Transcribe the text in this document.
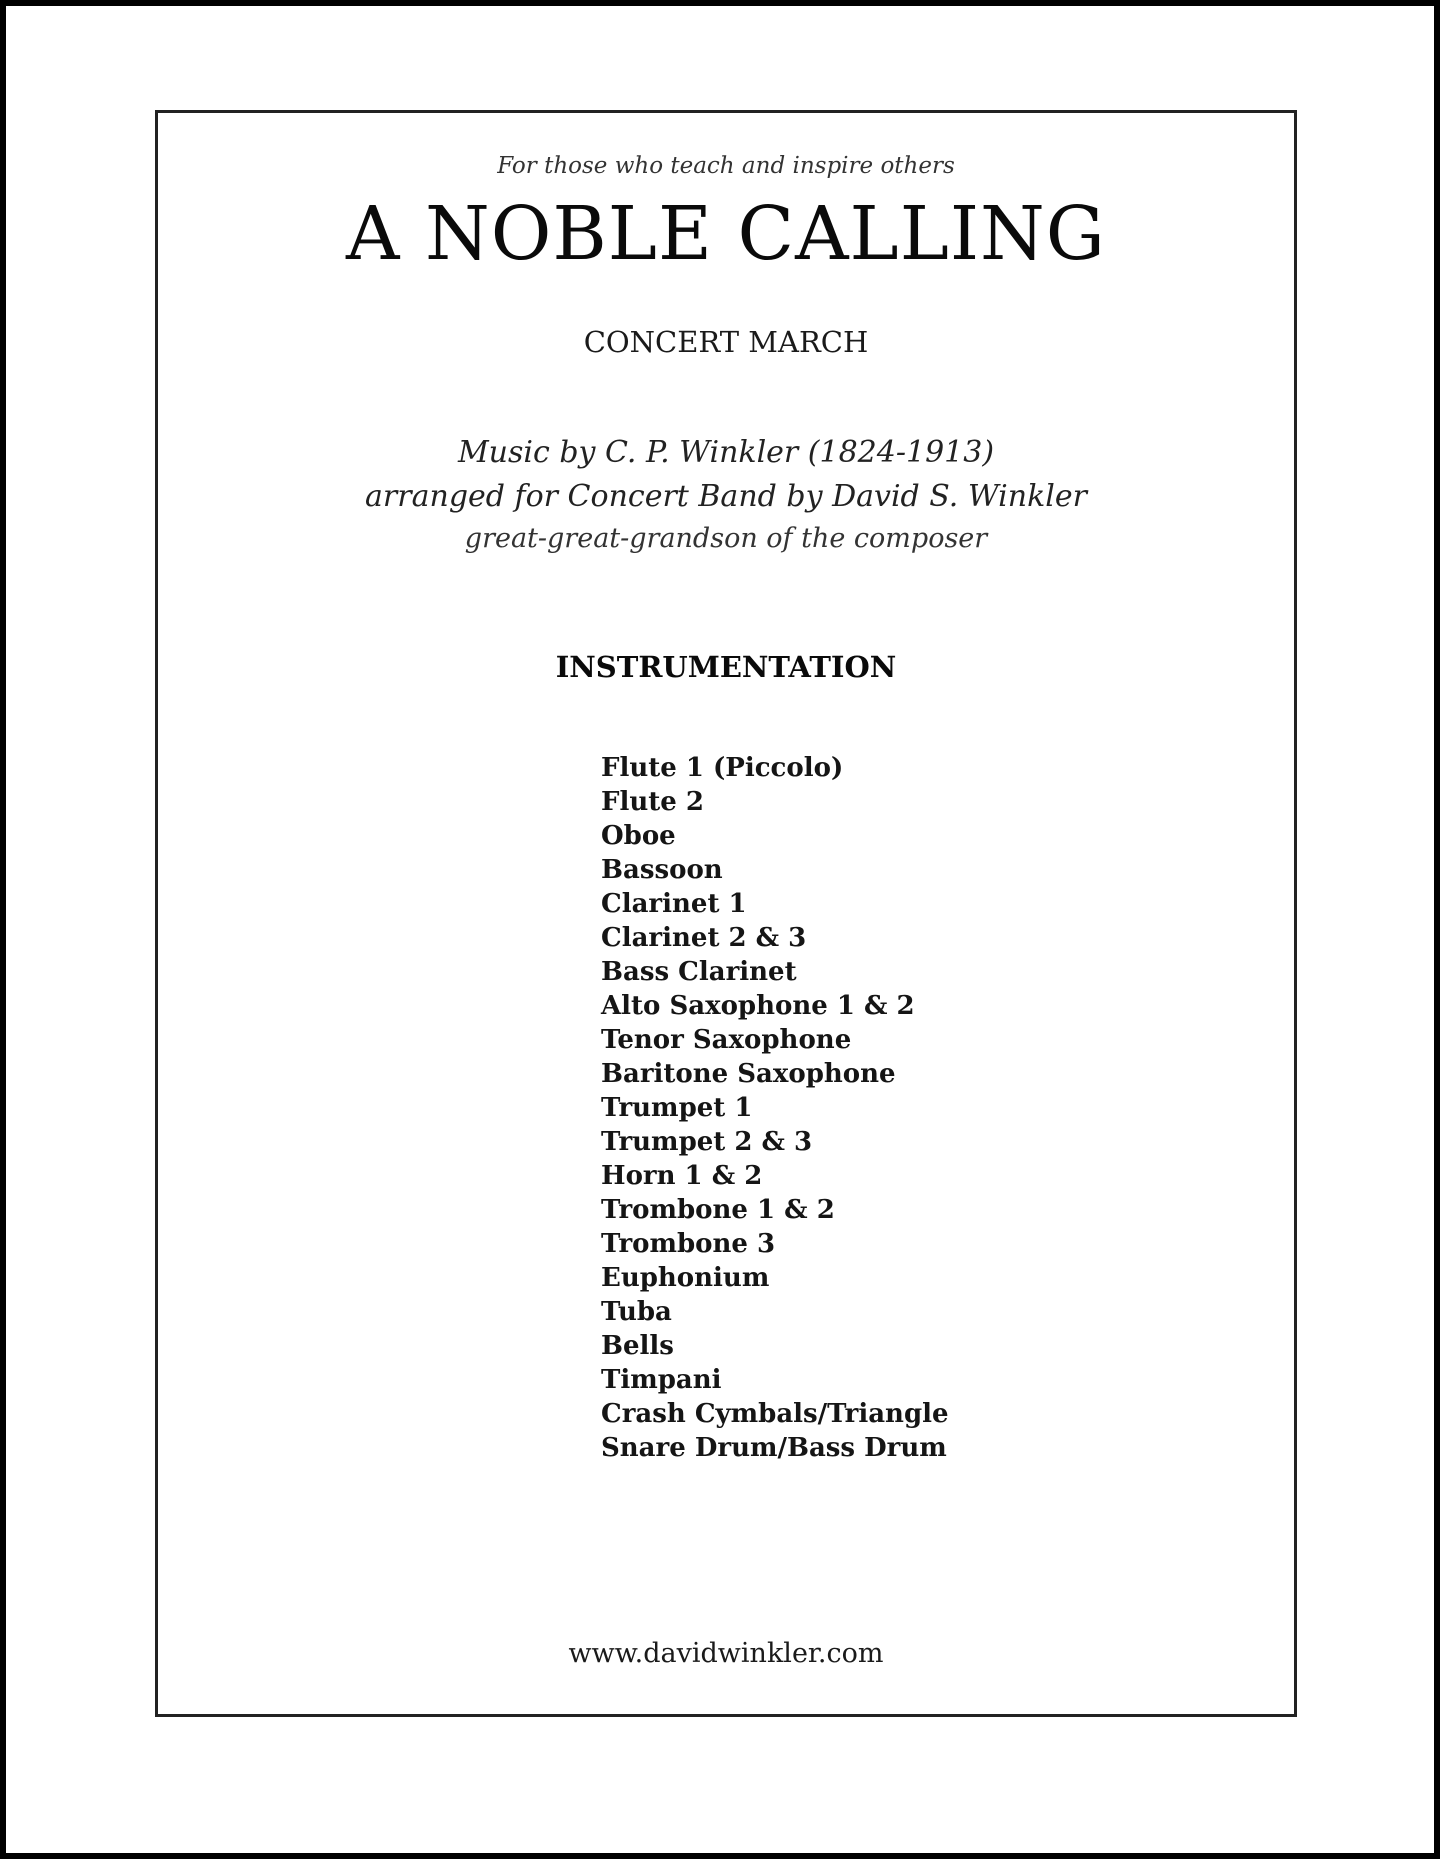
For those who teach and inspire others
A NOBLE CALLING
CONCERT MARCH
Music by C. P. Winkler (1824-1913)
arranged for Concert Band by David S. Winkler
great-great-grandson of the composer
INSTRUMENTATION
Flute 1 (Piccolo)
Flute 2
Oboe
Bassoon
Clarinet 1
Clarinet 2 & 3
Bass Clarinet
Alto Saxophone 1 & 2
Tenor Saxophone
Baritone Saxophone
Trumpet 1
Trumpet 2 & 3
Horn 1 & 2
Trombone 1 & 2
Trombone 3
Euphonium
Tuba
Bells
Timpani
Crash Cymbals/Triangle
Snare Drum/Bass Drum
www.davidwinkler.com
